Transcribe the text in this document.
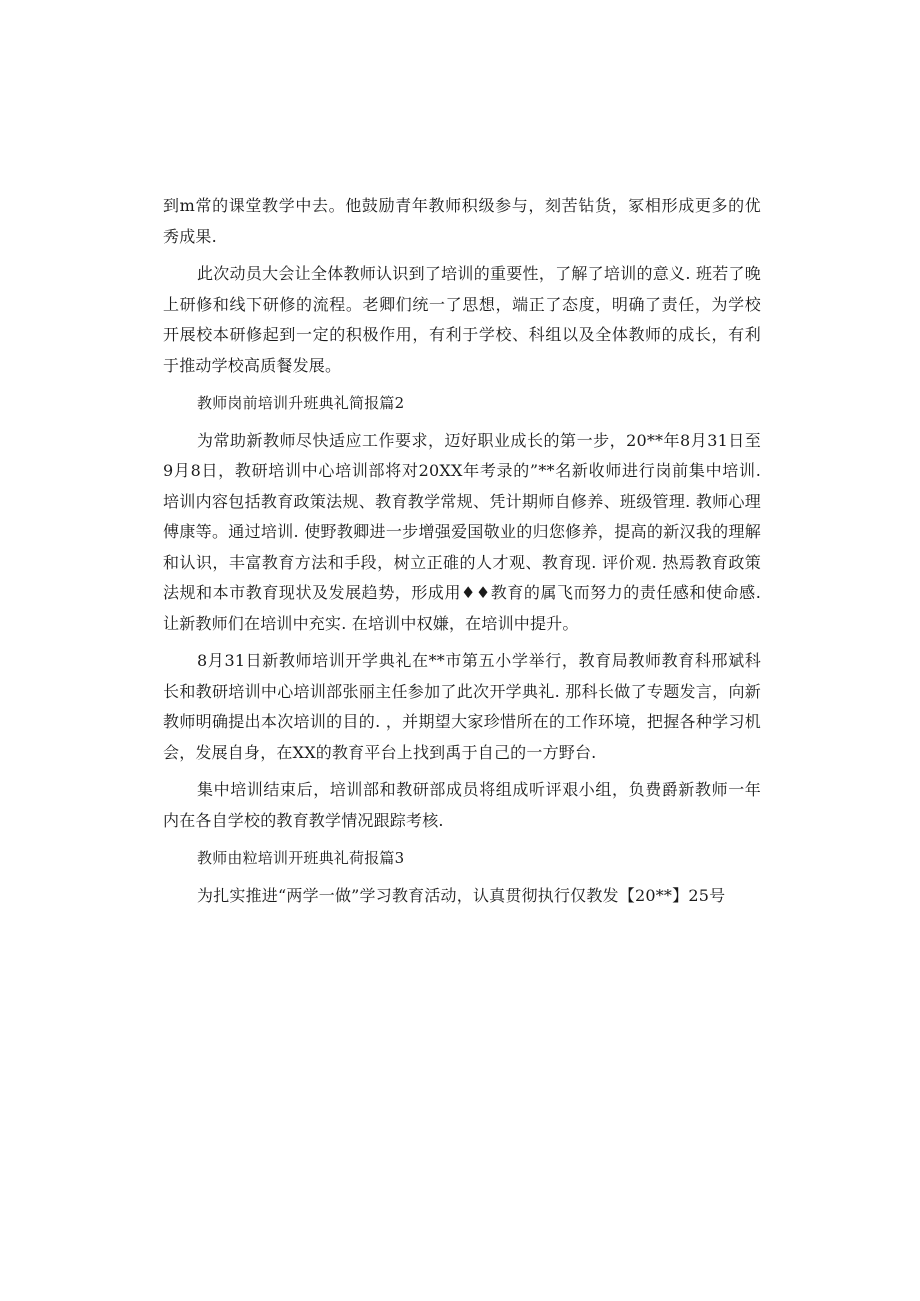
到m常的课堂教学中去。他鼓励青年教师积级参与，刻苦钻货，冢相形成更多的优秀成果.

此次动员大会让全体教师认识到了培训的重要性，了解了培训的意义. 班若了晚上研修和线下研修的流程。老卿们统一了思想，端正了态度，明确了责任，为学校开展校本研修起到一定的积极作用，有利于学校、科组以及全体教师的成长，有利于推动学校高质餐发展。

教师岗前培训升班典礼简报篇2

为常助新教师尽快适应工作要求，迈好职业成长的第一步，20**年8月31日至9月8日，教研培训中心培训部将对20XX年考录的”**名新收师进行岗前集中培训. 培训内容包括教育政策法规、教育教学常规、凭计期师自修养、班级管理. 教师心理傅康等。通过培训. 使野教卿进一步增强爱国敬业的归您修养，提高的新汉我的理解和认识，丰富教育方法和手段，树立正碓的人才观、教育现. 评价观. 热焉教育政策法规和本市教育现状及发展趋势，形成用♦♦教育的属飞而努力的责任感和使命感. 让新教师们在培训中充实. 在培训中权嫌，在培训中提升。

8月31日新教师培训开学典礼在**市第五小学举行，教育局教师教育科邢斌科长和教研培训中心培训部张丽主任参加了此次开学典礼. 那科长做了专题发言，向新教师明确提出本次培训的目的. ，并期望大家珍惜所在的工作环境，把握各种学习机会，发展自身，在XX的教育平台上找到禹于自己的一方野台.

集中培训结束后，培训部和教研部成员将组成听评艰小组，负费爵新教师一年内在各自学校的教育教学情况跟踪考核.

教师由粒培训开班典礼荷报篇3

为扎实推进“两学一做”学习教育活动，认真贯彻执行仅教发【20**】25号
